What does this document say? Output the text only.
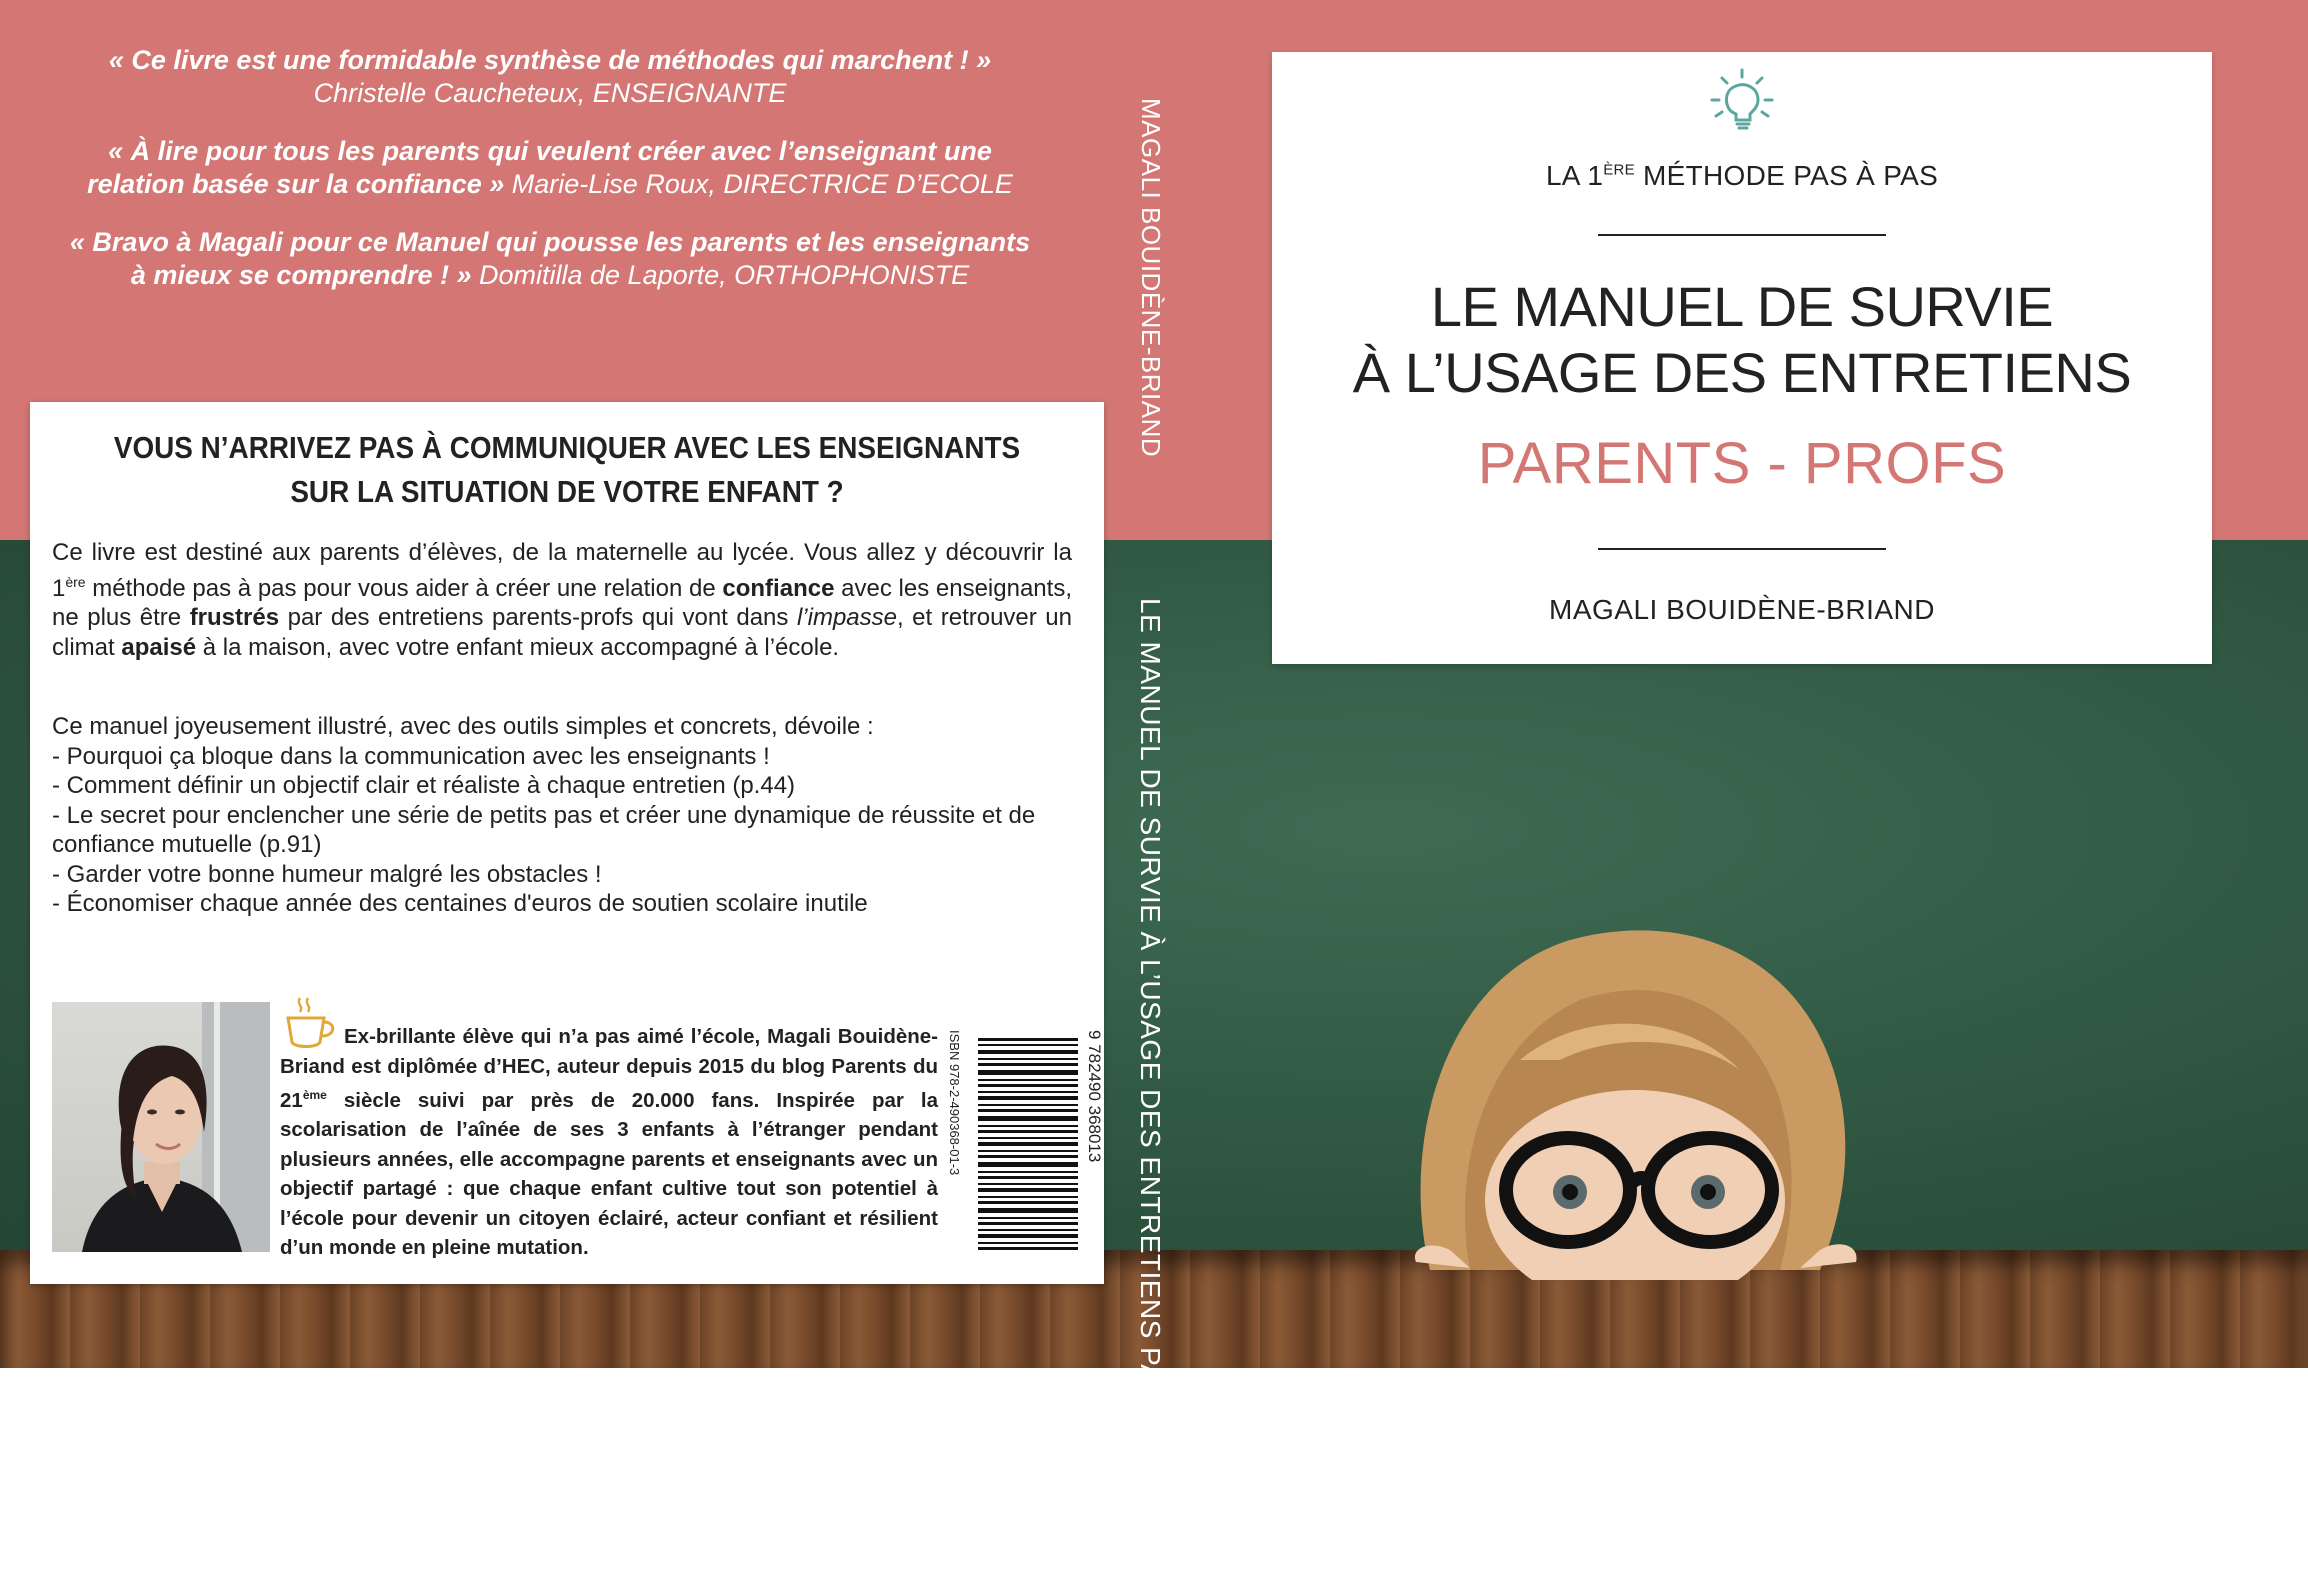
« Ce livre est une formidable synthèse de méthodes qui marchent ! »
Christelle Caucheteux, ENSEIGNANTE

« À lire pour tous les parents qui veulent créer avec l’enseignant une
relation basée sur la confiance » Marie-Lise Roux, DIRECTRICE D’ECOLE

« Bravo à Magali pour ce Manuel qui pousse les parents et les enseignants
à mieux se comprendre ! » Domitilla de Laporte, ORTHOPHONISTE	MAGALI BOUIDÈNE-BRIAND
LE MANUEL DE SURVIE À L’USAGE DES ENTRETIENS PARENTS-PROFS
VOUS N’ARRIVEZ PAS À COMMUNIQUER AVEC LES ENSEIGNANTS
SUR LA SITUATION DE VOTRE ENFANT ?

Ce livre est destiné aux parents d’élèves, de la maternelle au lycée. Vous allez y découvrir la 1ère méthode pas à pas pour vous aider à créer une relation de confiance avec les enseignants, ne plus être frustrés par des entretiens parents-profs qui vont dans l’impasse, et retrouver un climat apaisé à la maison, avec votre enfant mieux accompagné à l’école.

Ce manuel joyeusement illustré, avec des outils simples et concrets, dévoile :
- Pourquoi ça bloque dans la communication avec les enseignants !
- Comment définir un objectif clair et réaliste à chaque entretien (p.44)
- Le secret pour enclencher une série de petits pas et créer une dynamique de réussite et de confiance mutuelle (p.91)
- Garder votre bonne humeur malgré les obstacles !
- Économiser chaque année des centaines d'euros de soutien scolaire inutile
Ex-brillante élève qui n’a pas aimé l’école, Magali Bouidène-Briand est diplômée d’HEC, auteur depuis 2015 du blog Parents du 21ème siècle suivi par près de 20.000 fans. Inspirée par la scolarisation de l’aînée de ses 3 enfants à l’étranger pendant plusieurs années, elle accompagne parents et enseignants avec un objectif partagé : que chaque enfant cultive tout son potentiel à l’école pour devenir un citoyen éclairé, acteur confiant et résilient d’un monde en pleine mutation.
ISBN 978-2-490368-01-3	9 782490 368013
LA 1ÈRE MÉTHODE PAS À PAS
LE MANUEL DE SURVIE
À L’USAGE DES ENTRETIENS
PARENTS - PROFS
MAGALI BOUIDÈNE-BRIAND
